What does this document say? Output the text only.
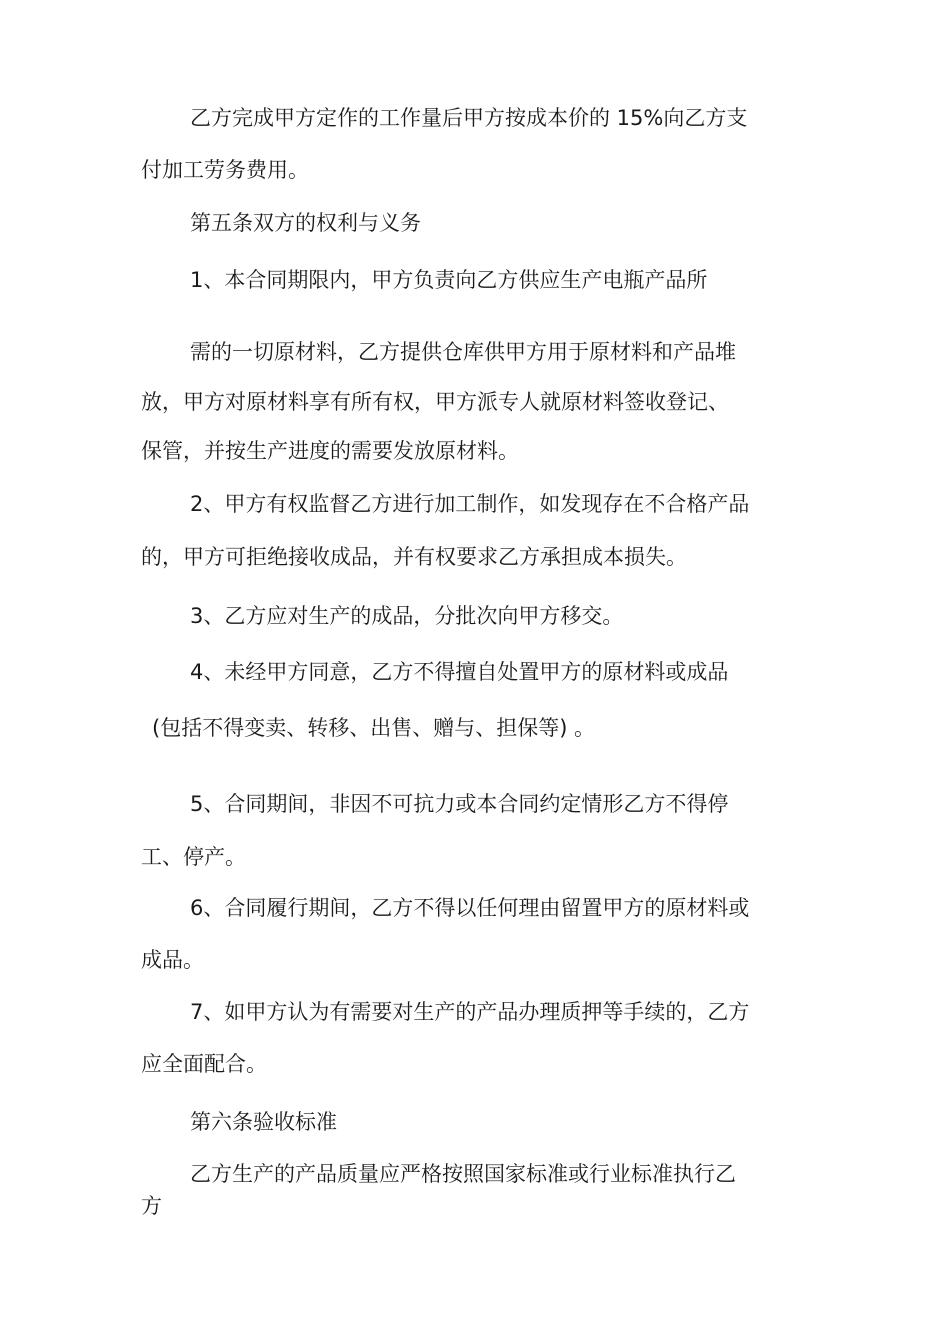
乙方完成甲方定作的工作量后甲方按成本价的 15%向乙方支
付加工劳务费用。
第五条双方的权利与义务
1、本合同期限内，甲方负责向乙方供应生产电瓶产品所
需的一切原材料，乙方提供仓库供甲方用于原材料和产品堆
放，甲方对原材料享有所有权，甲方派专人就原材料签收登记、
保管，并按生产进度的需要发放原材料。
2、甲方有权监督乙方进行加工制作，如发现存在不合格产品
的，甲方可拒绝接收成品，并有权要求乙方承担成本损失。
3、乙方应对生产的成品，分批次向甲方移交。
4、未经甲方同意，乙方不得擅自处置甲方的原材料或成品
(包括不得变卖、转移、出售、赠与、担保等) 。
5、合同期间，非因不可抗力或本合同约定情形乙方不得停
工、停产。
6、合同履行期间，乙方不得以任何理由留置甲方的原材料或
成品。
7、如甲方认为有需要对生产的产品办理质押等手续的，乙方
应全面配合。
第六条验收标准
乙方生产的产品质量应严格按照国家标准或行业标准执行乙
方
